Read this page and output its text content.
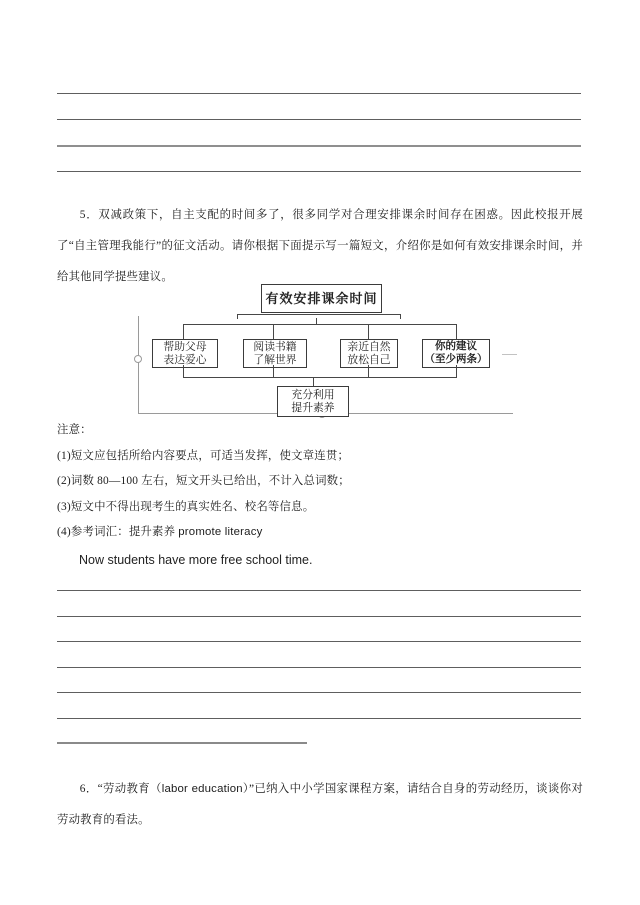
5．双减政策下，自主支配的时间多了，很多同学对合理安排课余时间存在困惑。因此校报开展了“自主管理我能行”的征文活动。请你根据下面提示写一篇短文，介绍你是如何有效安排课余时间，并给其他同学提些建议。
有效安排课余时间
帮助父母
表达爱心
阅读书籍
了解世界
亲近自然
放松自己
你的建议
（至少两条）
充分利用
提升素养
注意：
(1)短文应包括所给内容要点，可适当发挥，使文章连贯；
(2)词数 80—100 左右，短文开头已给出，不计入总词数；
(3)短文中不得出现考生的真实姓名、校名等信息。
(4)参考词汇：提升素养 promote literacy
Now students have more free school time.
6．“劳动教育（labor education）”已纳入中小学国家课程方案，请结合自身的劳动经历，谈谈你对劳动教育的看法。
